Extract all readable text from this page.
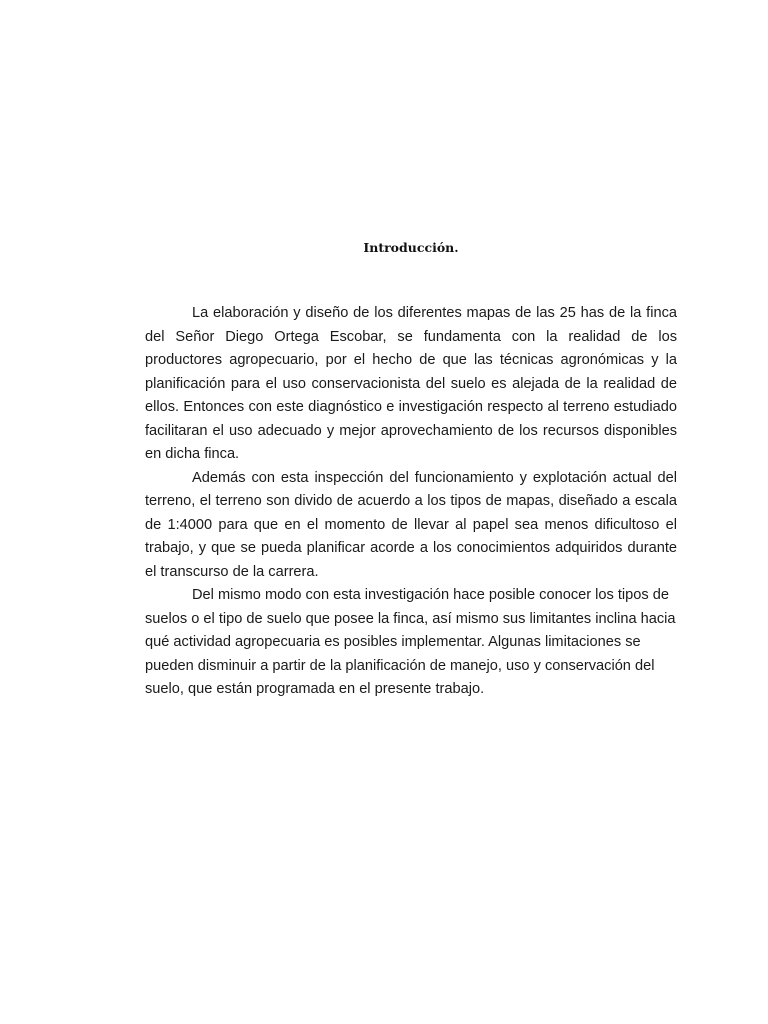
Introducción.

La elaboración y diseño de los diferentes mapas de las 25 has de la finca del Señor Diego Ortega Escobar, se fundamenta con la realidad de los productores agropecuario, por el hecho de que las técnicas agronómicas y la planificación para el uso conservacionista del suelo es alejada de la realidad de ellos. Entonces con este diagnóstico e investigación respecto al terreno estudiado facilitaran el uso adecuado y mejor aprovechamiento de los recursos disponibles en dicha finca.

Además con esta inspección del funcionamiento y explotación actual del terreno, el terreno son divido de acuerdo a los tipos de mapas, diseñado a escala de 1:4000 para que en el momento de llevar al papel sea menos dificultoso el trabajo, y que se pueda planificar acorde a los conocimientos adquiridos durante el transcurso de la carrera.

Del mismo modo con esta investigación hace posible conocer los tipos de suelos o el tipo de suelo que posee la finca, así mismo sus limitantes inclina hacia qué actividad agropecuaria es posibles implementar. Algunas limitaciones se pueden disminuir a partir de la planificación de manejo, uso y conservación del suelo, que están programada en el presente trabajo.
